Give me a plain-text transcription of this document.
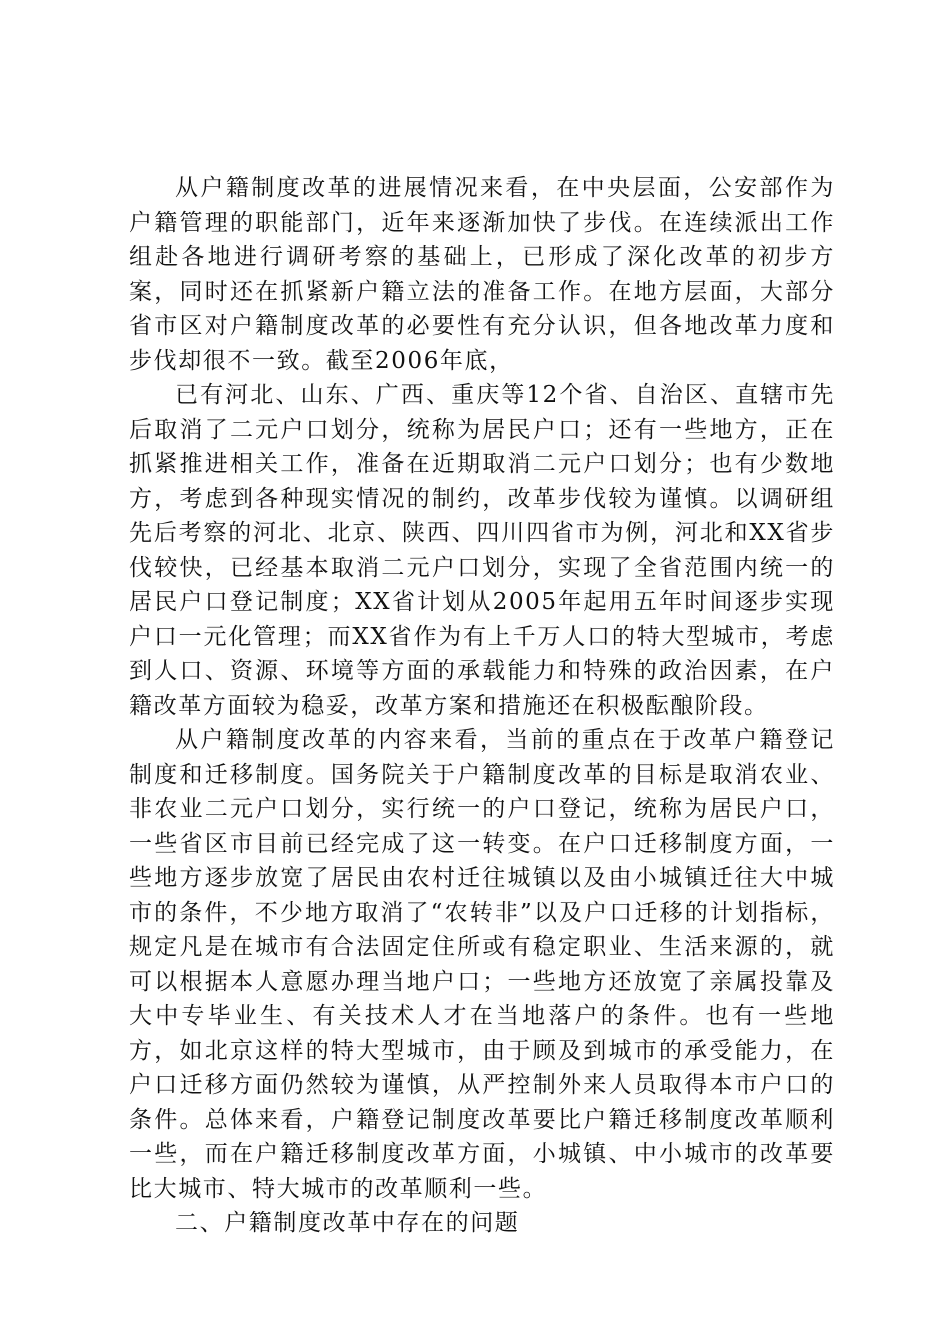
从户籍制度改革的进展情况来看，在中央层面，公安部作为户籍管理的职能部门，近年来逐渐加快了步伐。在连续派出工作组赴各地进行调研考察的基础上，已形成了深化改革的初步方案，同时还在抓紧新户籍立法的准备工作。在地方层面，大部分省市区对户籍制度改革的必要性有充分认识，但各地改革力度和步伐却很不一致。截至2006年底，

已有河北、山东、广西、重庆等12个省、自治区、直辖市先后取消了二元户口划分，统称为居民户口；还有一些地方，正在抓紧推进相关工作，准备在近期取消二元户口划分；也有少数地方，考虑到各种现实情况的制约，改革步伐较为谨慎。以调研组先后考察的河北、北京、陕西、四川四省市为例，河北和XX省步伐较快，已经基本取消二元户口划分，实现了全省范围内统一的居民户口登记制度；XX省计划从2005年起用五年时间逐步实现户口一元化管理；而XX省作为有上千万人口的特大型城市，考虑到人口、资源、环境等方面的承载能力和特殊的政治因素，在户籍改革方面较为稳妥，改革方案和措施还在积极酝酿阶段。

从户籍制度改革的内容来看，当前的重点在于改革户籍登记制度和迁移制度。国务院关于户籍制度改革的目标是取消农业、非农业二元户口划分，实行统一的户口登记，统称为居民户口，一些省区市目前已经完成了这一转变。在户口迁移制度方面，一些地方逐步放宽了居民由农村迁往城镇以及由小城镇迁往大中城市的条件，不少地方取消了“农转非”以及户口迁移的计划指标，规定凡是在城市有合法固定住所或有稳定职业、生活来源的，就可以根据本人意愿办理当地户口；一些地方还放宽了亲属投靠及大中专毕业生、有关技术人才在当地落户的条件。也有一些地方，如北京这样的特大型城市，由于顾及到城市的承受能力，在户口迁移方面仍然较为谨慎，从严控制外来人员取得本市户口的条件。总体来看，户籍登记制度改革要比户籍迁移制度改革顺利一些，而在户籍迁移制度改革方面，小城镇、中小城市的改革要比大城市、特大城市的改革顺利一些。

二、户籍制度改革中存在的问题
